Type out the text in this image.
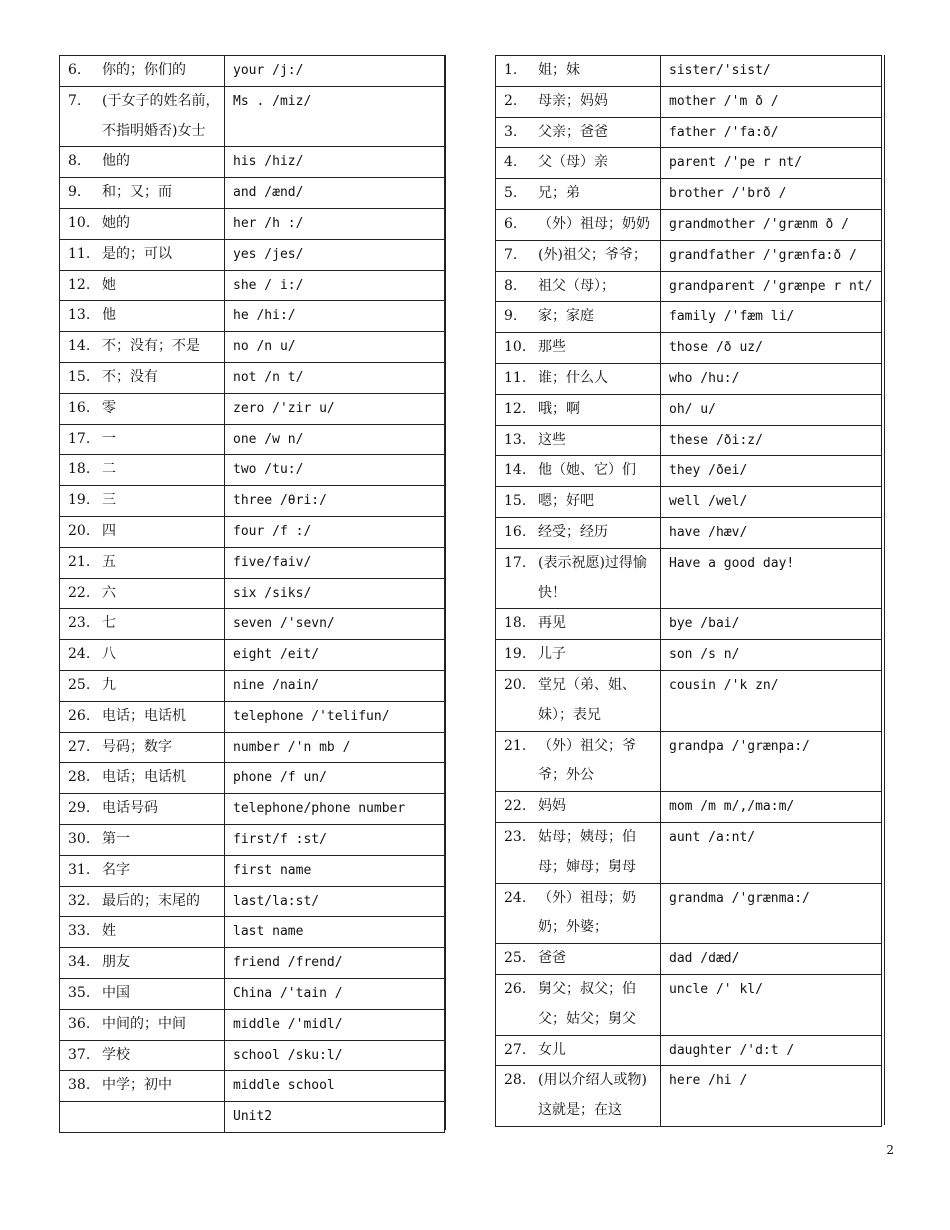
6. 你的；你们的	your /j:/
7. (于女子的姓名前，不指明婚否)女士	Ms . /miz/
8. 他的	his /hiz/
9. 和；又；而	and /ænd/
10. 她的	her /h :/
11. 是的；可以	yes /jes/
12. 她	she / i:/
13. 他	he /hi:/
14. 不；没有；不是	no /n u/
15. 不；没有	not /n t/
16. 零	zero /'zir u/
17. 一	one /w n/
18. 二	two /tu:/
19. 三	three /θri:/
20. 四	four /f :/
21. 五	five/faiv/
22. 六	six /siks/
23. 七	seven /'sevn/
24. 八	eight /eit/
25. 九	nine /nain/
26. 电话；电话机	telephone /'telifun/
27. 号码；数字	number /'n mb /
28. 电话；电话机	phone /f un/
29. 电话号码	telephone/phone number
30. 第一	first/f :st/
31. 名字	first name
32. 最后的；末尾的	last/la:st/
33. 姓	last name
34. 朋友	friend /frend/
35. 中国	China /'tain /
36. 中间的；中间	middle /'midl/
37. 学校	school /sku:l/
38. 中学；初中	middle school
	Unit2
1. 姐；妹	sister/'sist/
2. 母亲；妈妈	mother /'m ð /
3. 父亲；爸爸	father /'fa:ð/
4. 父（母）亲	parent /'pe r nt/
5. 兄；弟	brother /'brð /
6. （外）祖母；奶奶	grandmother /'grænm ð /
7. (外)祖父；爷爷；	grandfather /'grænfa:ð /
8. 祖父（母）；	grandparent /'grænpe r nt/
9. 家；家庭	family /'fæm li/
10. 那些	those /ð uz/
11. 谁；什么人	who /hu:/
12. 哦；啊	oh/ u/
13. 这些	these /ði:z/
14. 他（她、它）们	they /ðei/
15. 嗯；好吧	well /wel/
16. 经受；经历	have /hæv/
17. (表示祝愿)过得愉快！	Have a good day!
18. 再见	bye /bai/
19. 儿子	son /s n/
20. 堂兄（弟、姐、妹）；表兄	cousin /'k zn/
21. （外）祖父；爷爷；外公	grandpa /'grænpa:/
22. 妈妈	mom /m m/,/ma:m/
23. 姑母；姨母；伯母；婶母；舅母	aunt /a:nt/
24. （外）祖母；奶奶；外婆；	grandma /'grænma:/
25. 爸爸	dad /dæd/
26. 舅父；叔父；伯父；姑父；舅父	uncle /' kl/
27. 女儿	daughter /'d:t /
28. (用以介绍人或物)这就是；在这	here /hi /
2
